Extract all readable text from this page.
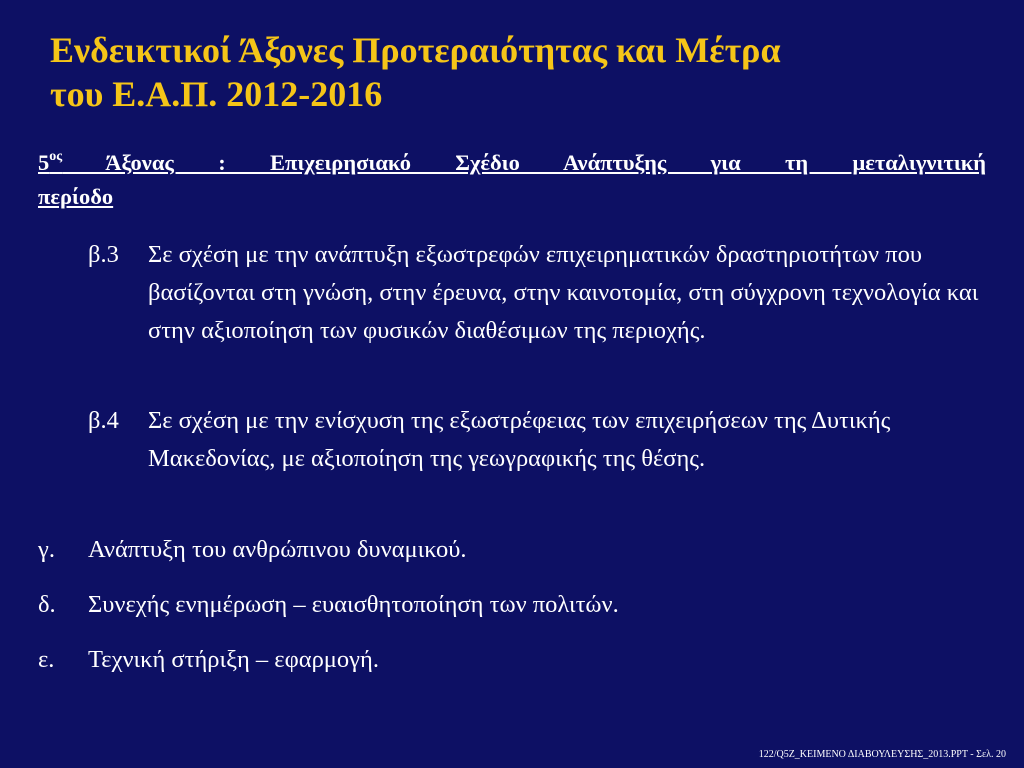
Ενδεικτικοί Άξονες Προτεραιότητας και Μέτρα
του Ε.Α.Π. 2012-2016
$5^{o\varsigma}$ Άξονας : Επιχειρησιακό Σχέδιο Ανάπτυξης για τη μεταλιγνιτική
περίοδο
β.3 Σε σχέση με την ανάπτυξη εξωστρεφών επιχειρηματικών δραστηριοτήτων που βασίζονται στη γνώση, στην έρευνα, στην καινοτομία, στη σύγχρονη τεχνολογία και στην αξιοποίηση των φυσικών διαθέσιμων της περιοχής.
β.4 Σε σχέση με την ενίσχυση της εξωστρέφειας των επιχειρήσεων της Δυτικής Μακεδονίας, με αξιοποίηση της γεωγραφικής της θέσης.
γ. Ανάπτυξη του ανθρώπινου δυναμικού.
δ. Συνεχής ενημέρωση – ευαισθητοποίηση των πολιτών.
ε. Τεχνική στήριξη – εφαρμογή.
122/Q5Z_ΚΕΙΜΕΝΟ ΔΙΑΒΟΥΛΕΥΣΗΣ_2013.PPT - Σελ. 20
